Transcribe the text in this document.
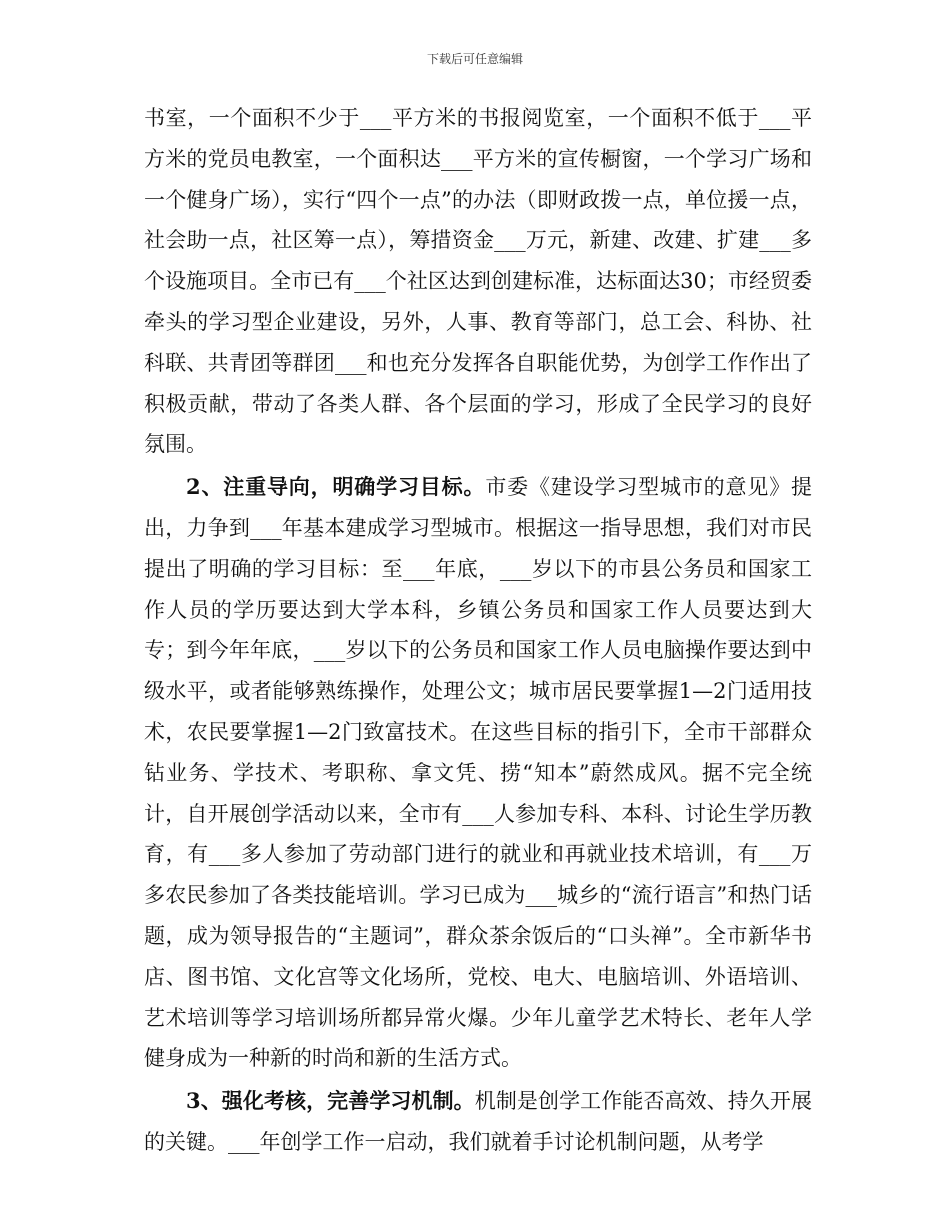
下载后可任意编辑

书室，一个面积不少于___平方米的书报阅览室，一个面积不低于___平方米的党员电教室，一个面积达___平方米的宣传橱窗，一个学习广场和一个健身广场），实行“四个一点”的办法（即财政拨一点，单位援一点，社会助一点，社区筹一点），筹措资金___万元，新建、改建、扩建___多个设施项目。全市已有___个社区达到创建标准，达标面达30；市经贸委牵头的学习型企业建设，另外，人事、教育等部门，总工会、科协、社科联、共青团等群团___和也充分发挥各自职能优势，为创学工作作出了积极贡献，带动了各类人群、各个层面的学习，形成了全民学习的良好氛围。

2、注重导向，明确学习目标。市委《建设学习型城市的意见》提出，力争到___年基本建成学习型城市。根据这一指导思想，我们对市民提出了明确的学习目标：至___年底，___岁以下的市县公务员和国家工作人员的学历要达到大学本科，乡镇公务员和国家工作人员要达到大专；到今年年底，___岁以下的公务员和国家工作人员电脑操作要达到中级水平，或者能够熟练操作，处理公文；城市居民要掌握1—2门适用技术，农民要掌握1—2门致富技术。在这些目标的指引下，全市干部群众钻业务、学技术、考职称、拿文凭、捞“知本”蔚然成风。据不完全统计，自开展创学活动以来，全市有___人参加专科、本科、讨论生学历教育，有___多人参加了劳动部门进行的就业和再就业技术培训，有___万多农民参加了各类技能培训。学习已成为___城乡的“流行语言”和热门话题，成为领导报告的“主题词”，群众茶余饭后的“口头禅”。全市新华书店、图书馆、文化宫等文化场所，党校、电大、电脑培训、外语培训、艺术培训等学习培训场所都异常火爆。少年儿童学艺术特长、老年人学健身成为一种新的时尚和新的生活方式。

3、强化考核，完善学习机制。机制是创学工作能否高效、持久开展的关键。___年创学工作一启动，我们就着手讨论机制问题，从考学
